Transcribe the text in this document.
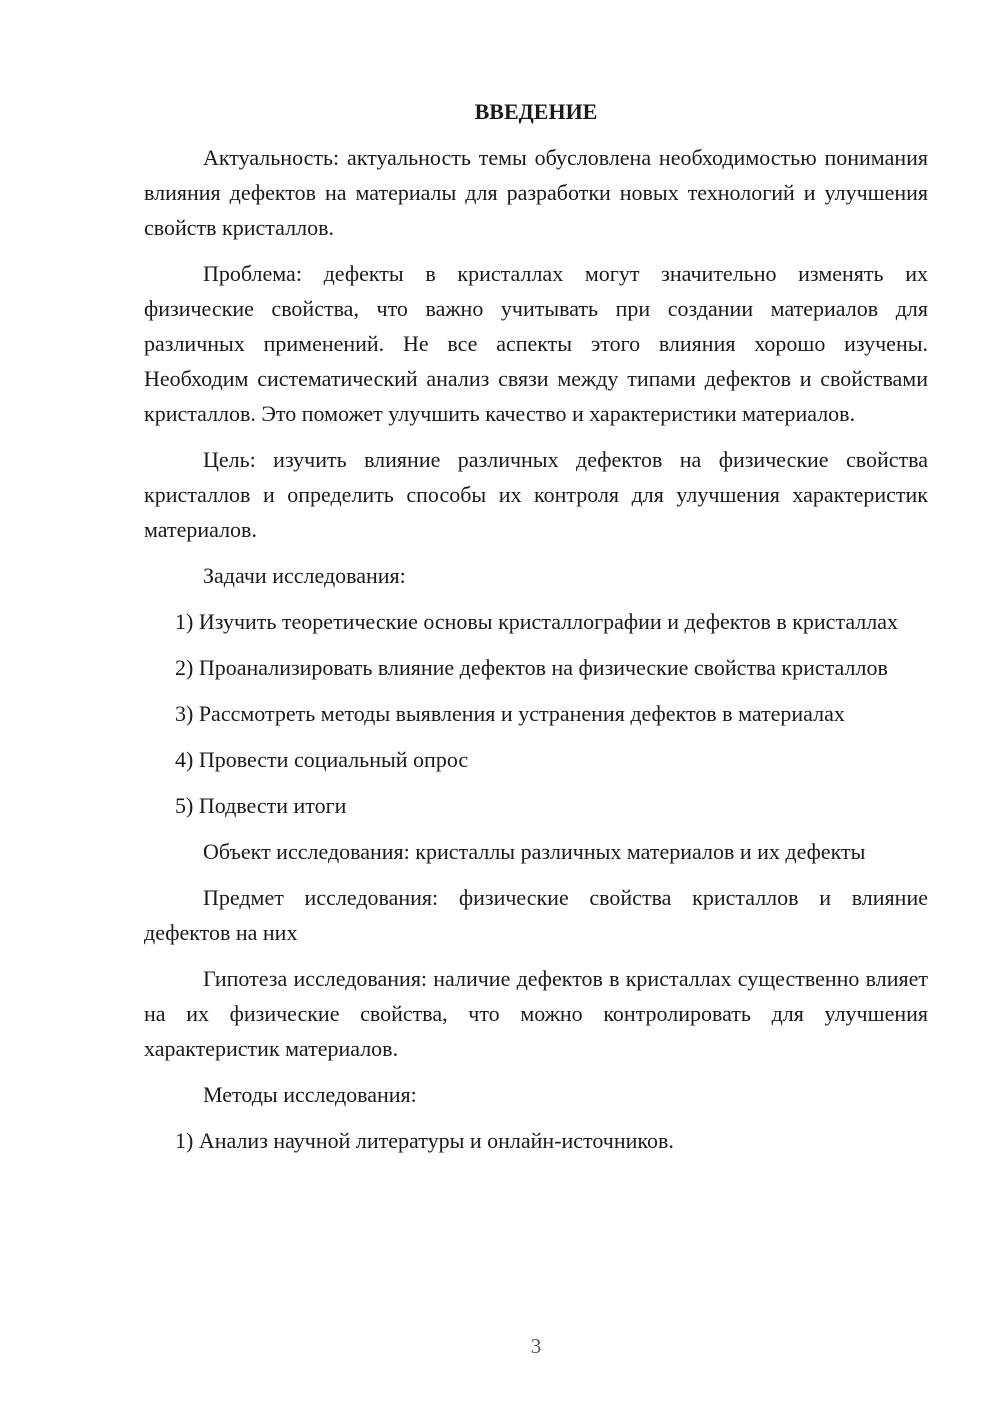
ВВЕДЕНИЕ

Актуальность: актуальность темы обусловлена необходимостью понимания влияния дефектов на материалы для разработки новых технологий и улучшения свойств кристаллов.

Проблема: дефекты в кристаллах могут значительно изменять их физические свойства, что важно учитывать при создании материалов для различных применений. Не все аспекты этого влияния хорошо изучены. Необходим систематический анализ связи между типами дефектов и свойствами кристаллов. Это поможет улучшить качество и характеристики материалов.

Цель: изучить влияние различных дефектов на физические свойства кристаллов и определить способы их контроля для улучшения характеристик материалов.

Задачи исследования:

1) Изучить теоретические основы кристаллографии и дефектов в кристаллах

2) Проанализировать влияние дефектов на физические свойства кристаллов

3) Рассмотреть методы выявления и устранения дефектов в материалах

4) Провести социальный опрос

5) Подвести итоги

Объект исследования: кристаллы различных материалов и их дефекты

Предмет исследования: физические свойства кристаллов и влияние дефектов на них

Гипотеза исследования: наличие дефектов в кристаллах существенно влияет на их физические свойства, что можно контролировать для улучшения характеристик материалов.

Методы исследования:

1) Анализ научной литературы и онлайн-источников.

3
